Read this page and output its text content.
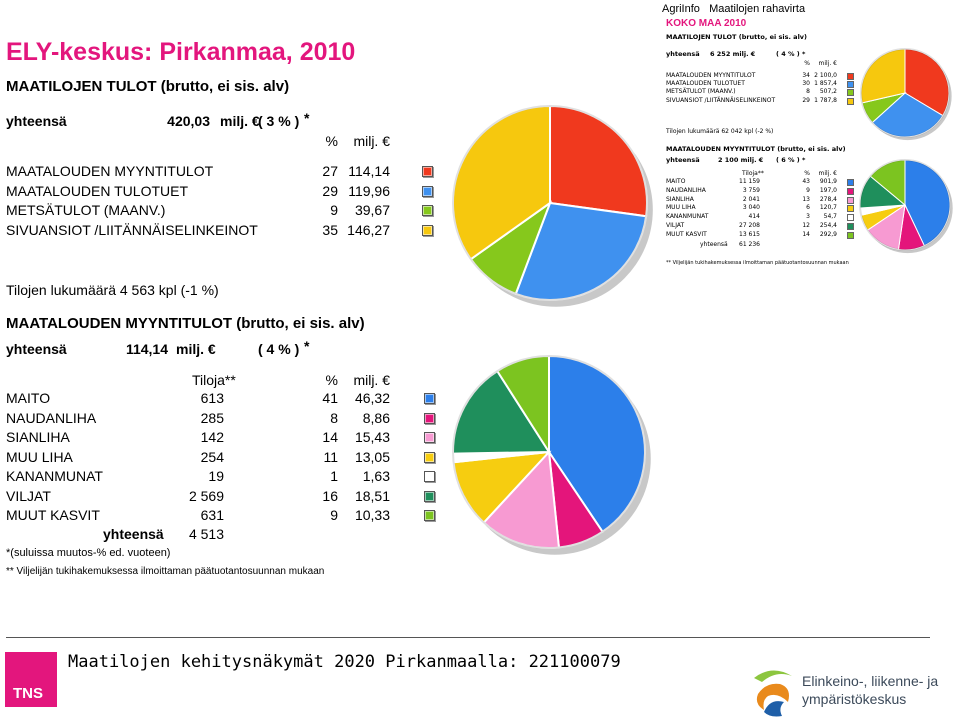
ELY-keskus: Pirkanmaa, 2010
MAATILOJEN TULOT (brutto, ei sis. alv)
yhteensä	420,03 milj. €
( 3 % ) *
%	milj. €
MAATALOUDEN MYYNTITULOT	27 114,14
MAATALOUDEN TULOTUET	29 119,96
METSÄTULOT (MAANV.)	9	39,67
SIVUANSIOT /LIITÄNNÄISELINKEINOT	35 146,27
Tilojen lukumäärä 4 563 kpl (-1 %)
MAATALOUDEN MYYNTITULOT (brutto, ei sis. alv)
yhteensä	114,14 milj. €	( 4 % ) *
Tiloja**	%	milj. €
MAITO	613	41	46,32
NAUDANLIHA	285	8	8,86
SIANLIHA	142	14	15,43
MUU LIHA	254	11	13,05
KANANMUNAT	19	1	1,63
VILJAT	2 569	16	18,51
MUUT KASVIT	631	9	10,33
yhteensä	4 513
*(suluissa muutos-% ed. vuoteen)
** Viljelijän tukihakemuksessa ilmoittaman päätuotantosuunnan mukaan
AgriInfo Maatilojen rahavirta
KOKO MAA 2010
MAATILOJEN TULOT (brutto, ei sis. alv)
yhteensä 6 252 milj. €	( 4 % ) *
%	milj. €
MAATALOUDEN MYYNTITULOT	34 2 100,0
MAATALOUDEN TULOTUET	30 1 857,4
METSÄTULOT (MAANV.)	8	507,2
SIVUANSIOT /LIITÄNNÄISELINKEINOT	29 1 787,8
Tilojen lukumäärä 62 042 kpl (-2 %)
MAATALOUDEN MYYNTITULOT (brutto, ei sis. alv)
yhteensä	2 100 milj. € ( 6 % ) *
Tiloja**	%	milj. €
MAITO	11 159	43	901,9
NAUDANLIHA	3 759	9	197,0
SIANLIHA	2 041	13	278,4
MUU LIHA	3 040	6	120,7
KANANMUNAT	414	3	54,7
VILJAT	27 208	12	254,4
MUUT KASVIT	13 615	14	292,9
yhteensä	61 236
** Viljelijän tukihakemuksessa ilmoittaman päätuotantosuunnan mukaan
TNS
Maatilojen kehitysnäkymät 2020 Pirkanmaalla: 221100079
Elinkeino-, liikenne- ja
ympäristökeskus
